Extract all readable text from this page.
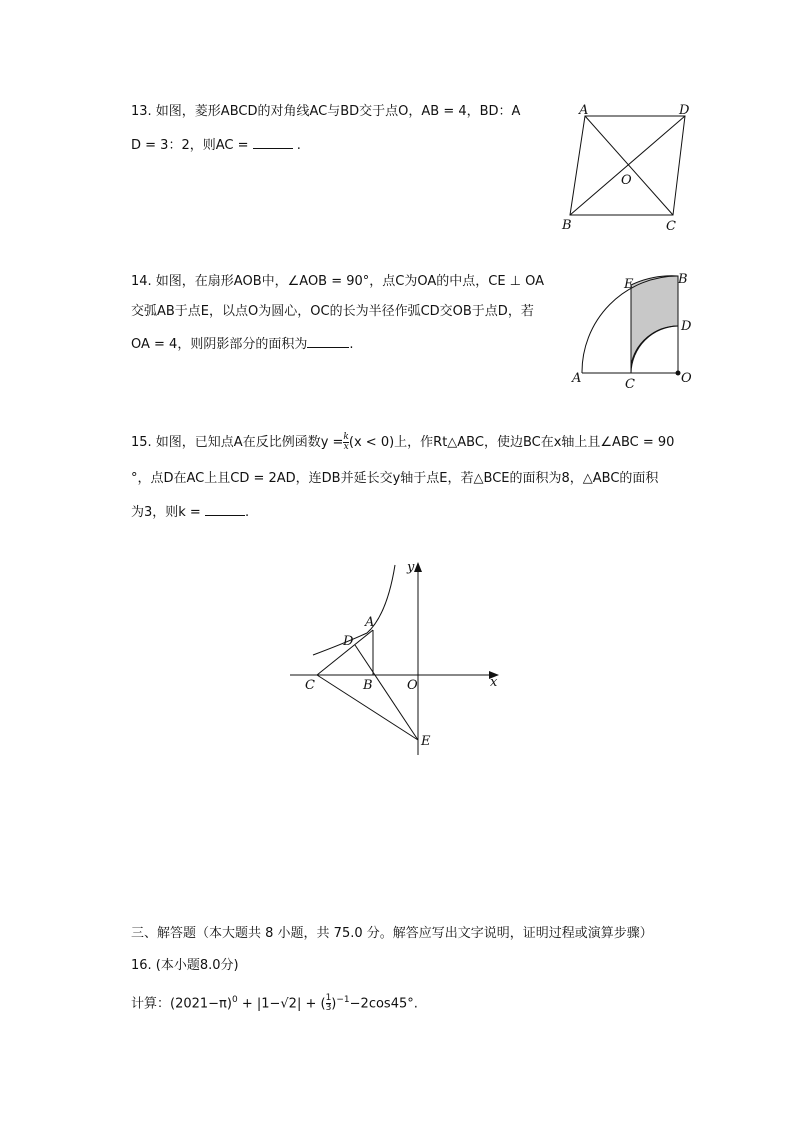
13. 如图，菱形ABCD的对角线AC与BD交于点O，AB = 4，BD：A
D = 3：2，则AC =	.
A	D
O
B	C
14. 如图，在扇形AOB中，∠AOB = 90°，点C为OA的中点，CE ⊥ OA
交弧AB于点E，以点O为圆心，OC的长为半径作弧CD交OB于点D，若
OA = 4，则阴影部分的面积为	.
E	B
D
A	C	O
15. 如图，已知点A在反比例函数$y = \frac{k}{x} (x < 0)$上，作Rt△ABC，使边BC在x轴上且∠ABC = 90
°，点D在AC上且CD = 2AD，连DB并延长交y轴于点E，若△BCE的面积为8，△ABC的面积
为3，则k =	.
A
D
C	B	O	x
y
E
三、解答题（本大题共 8 小题，共 75.0 分。解答应写出文字说明，证明过程或演算步骤）
16. (本小题8.0分)
计算：$(2021-\pi)^0 + |1-√2|$ + ( $\frac{1}{3} )^{-1}-2\cos 45^\circ$.
